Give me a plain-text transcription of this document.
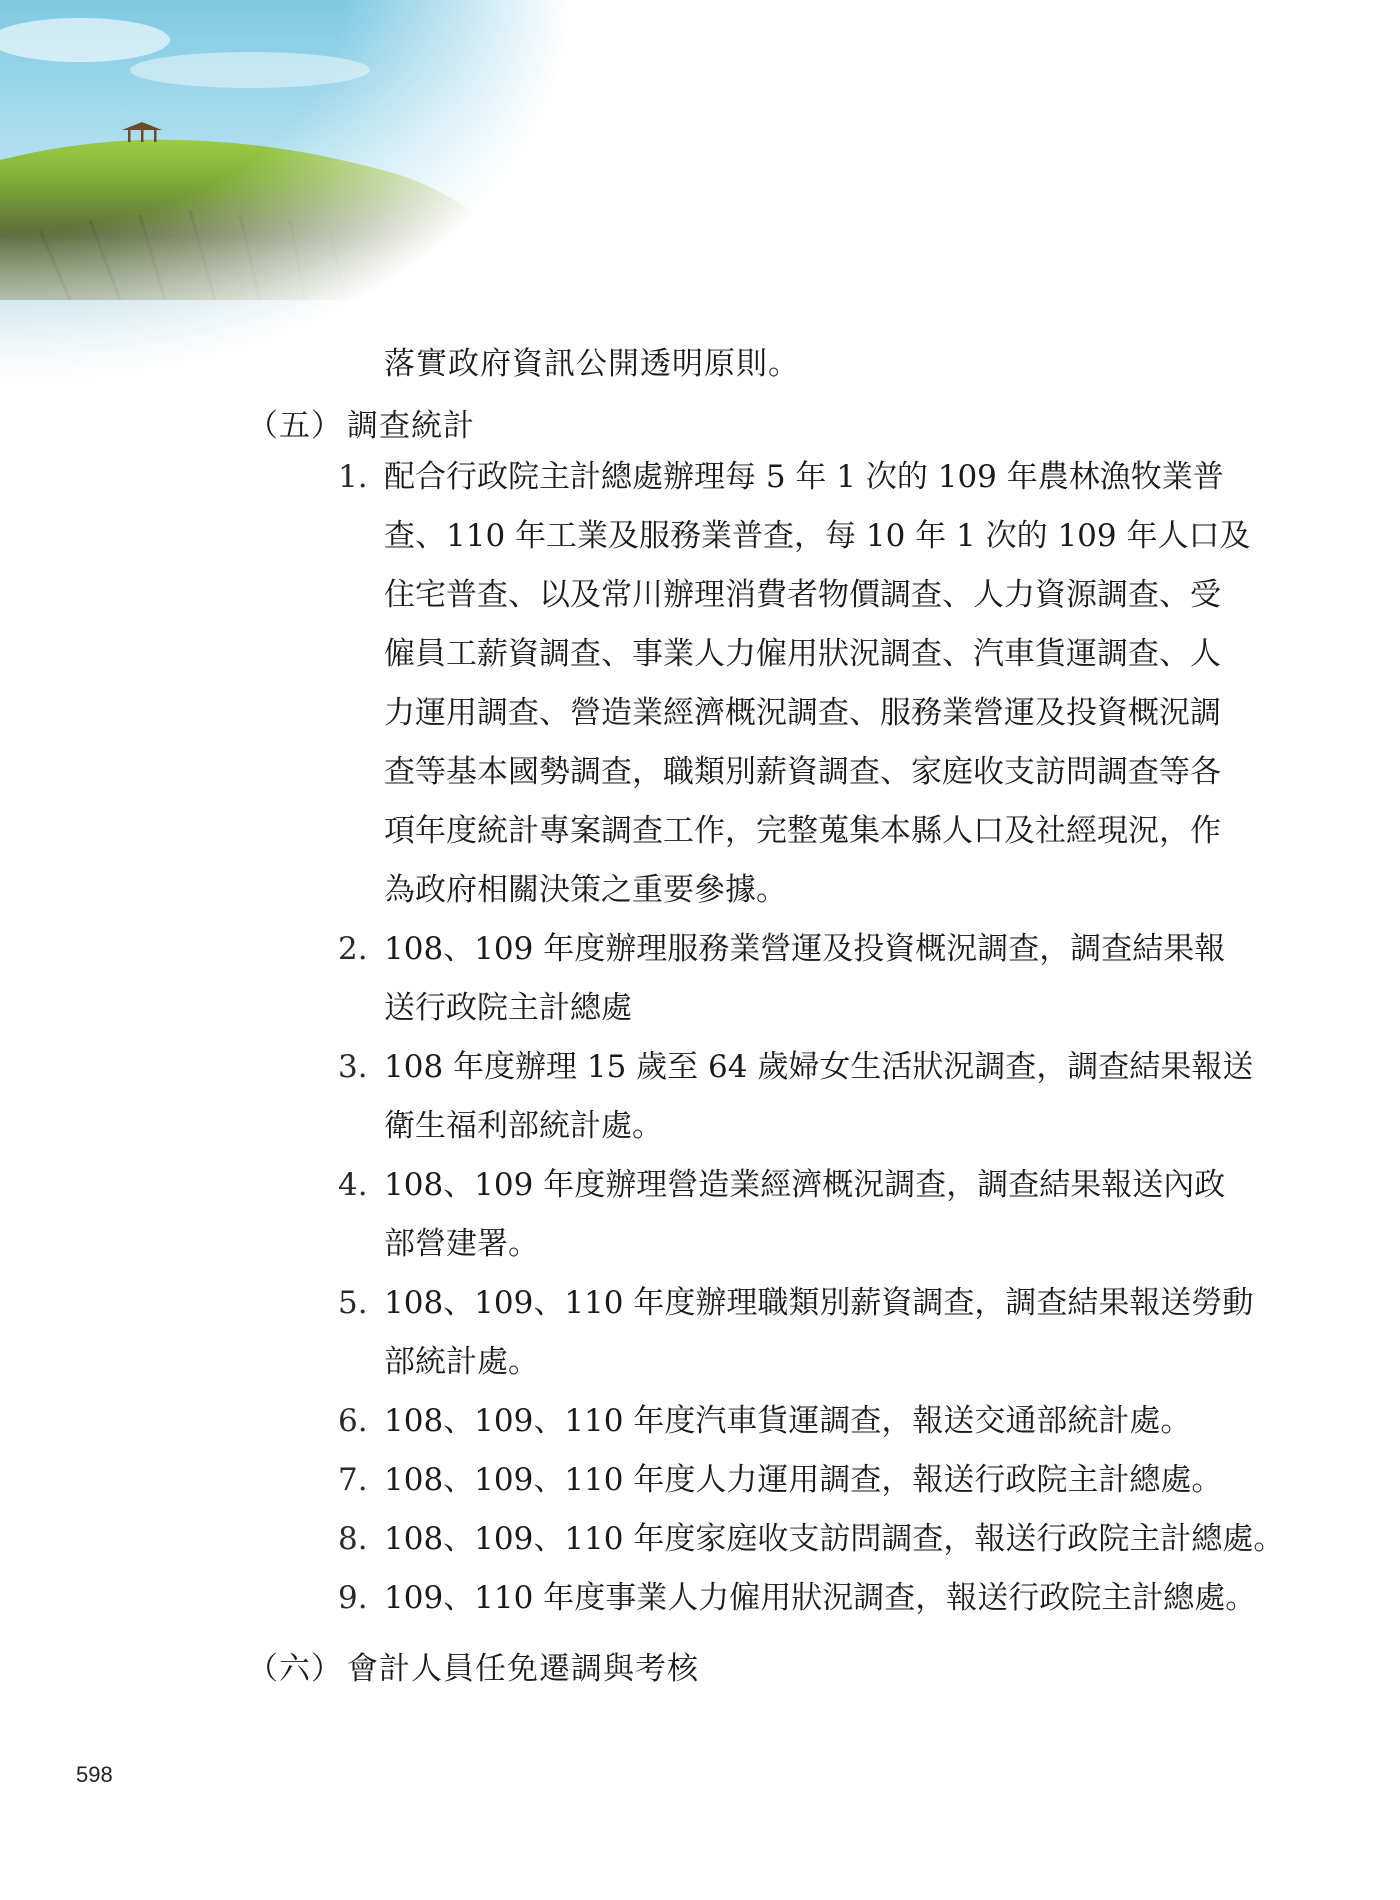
落實政府資訊公開透明原則。
（五） 調查統計
1. 配合行政院主計總處辦理每 5 年 1 次的 109 年農林漁牧業普
查、110 年工業及服務業普查，每 10 年 1 次的 109 年人口及
住宅普查、以及常川辦理消費者物價調查、人力資源調查、受
僱員工薪資調查、事業人力僱用狀況調查、汽車貨運調查、人
力運用調查、營造業經濟概況調查、服務業營運及投資概況調
查等基本國勢調查，職類別薪資調查、家庭收支訪問調查等各
項年度統計專案調查工作，完整蒐集本縣人口及社經現況，作
為政府相關決策之重要參據。
2. 108、109 年度辦理服務業營運及投資概況調查，調查結果報
送行政院主計總處
3. 108 年度辦理 15 歲至 64 歲婦女生活狀況調查，調查結果報送
衛生福利部統計處。
4. 108、109 年度辦理營造業經濟概況調查，調查結果報送內政
部營建署。
5. 108、109、110 年度辦理職類別薪資調查，調查結果報送勞動
部統計處。
6. 108、109、110 年度汽車貨運調查，報送交通部統計處。
7. 108、109、110 年度人力運用調查，報送行政院主計總處。
8. 108、109、110 年度家庭收支訪問調查，報送行政院主計總處。
9. 109、110 年度事業人力僱用狀況調查，報送行政院主計總處。
（六） 會計人員任免遷調與考核
598
